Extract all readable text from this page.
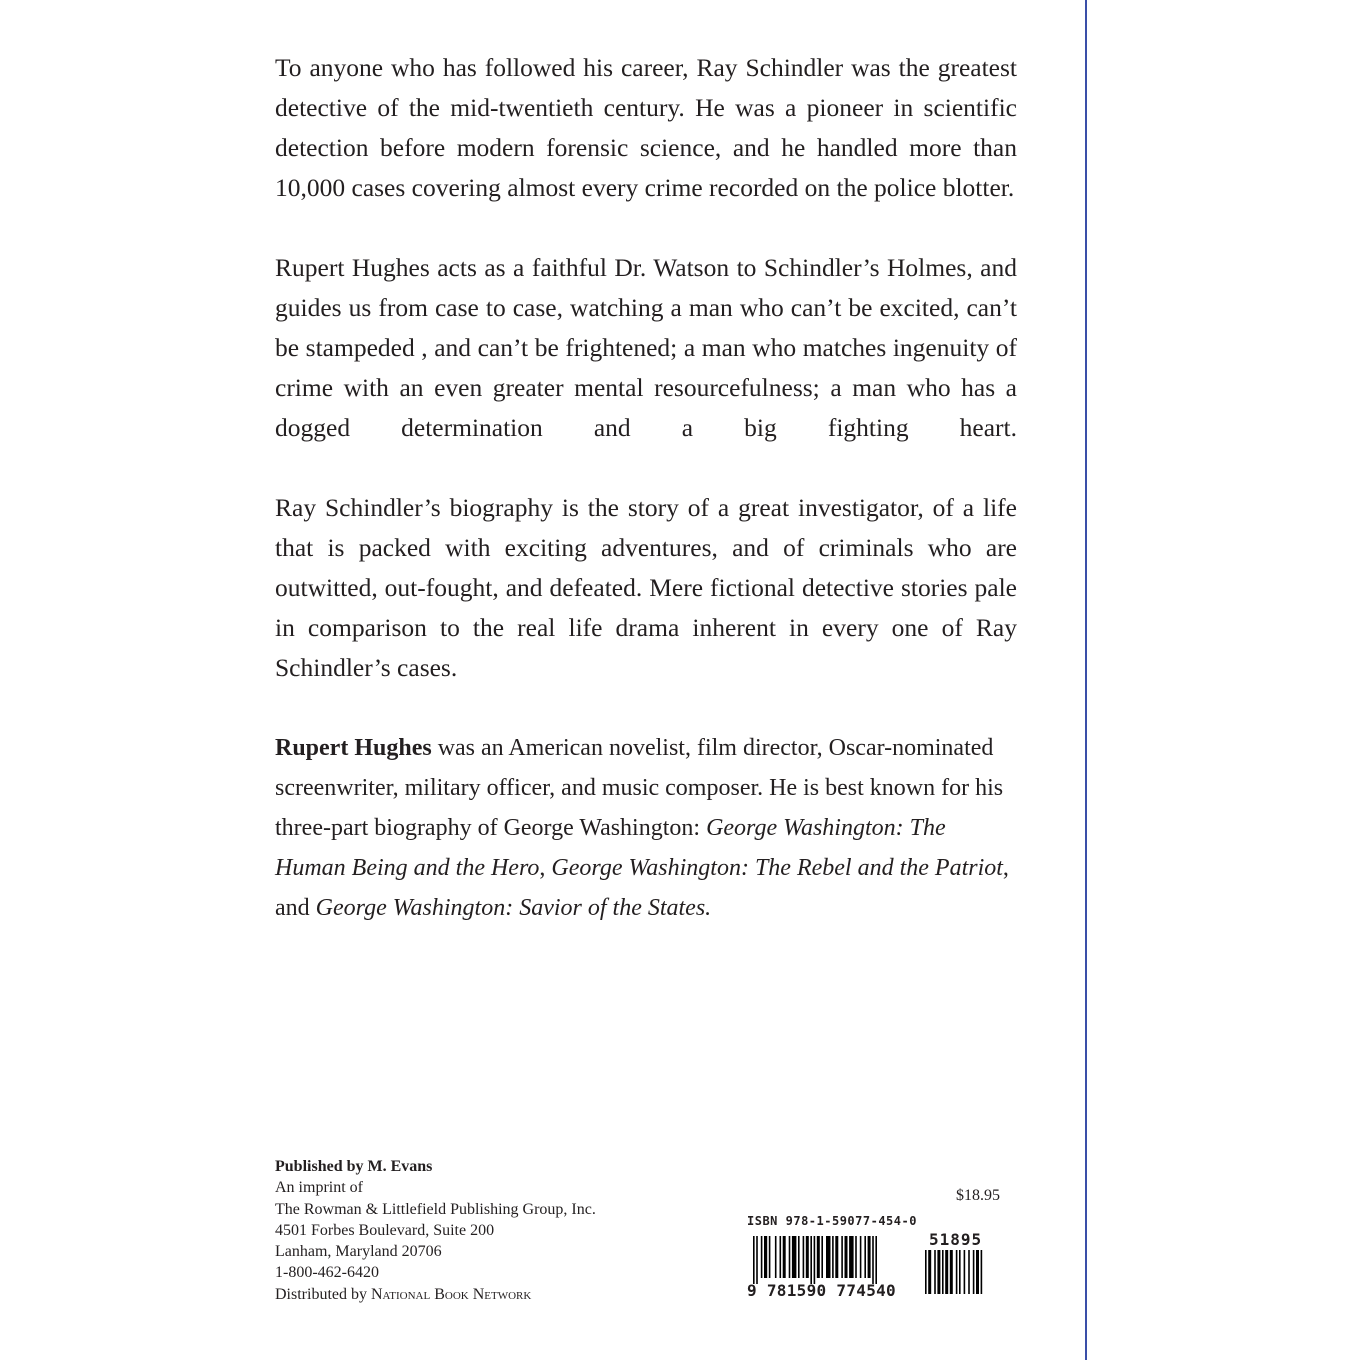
To anyone who has followed his career, Ray Schindler was the greatest detective of the mid-twentieth century. He was a pioneer in scientific detection before modern forensic science, and he handled more than 10,000 cases covering almost every crime recorded on the police blotter.

Rupert Hughes acts as a faithful Dr. Watson to Schindler’s Holmes, and guides us from case to case, watching a man who can’t be excited, can’t be stampeded , and can’t be frightened; a man who matches ingenuity of crime with an even greater mental resourcefulness; a man who has a dogged determination and a big fighting heart.

Ray Schindler’s biography is the story of a great investigator, of a life that is packed with exciting adventures, and of criminals who are outwitted, out-fought, and defeated. Mere fictional detective stories pale in comparison to the real life drama inherent in every one of Ray Schindler’s cases.

Rupert Hughes was an American novelist, film director, Oscar-nominated screenwriter, military officer, and music composer. He is best known for his three-part biography of George Washington: George Washington: The Human Being and the Hero, George Washington: The Rebel and the Patriot, and George Washington: Savior of the States.

Published by M. Evans
An imprint of
The Rowman & Littlefield Publishing Group, Inc.
4501 Forbes Boulevard, Suite 200
Lanham, Maryland 20706
1-800-462-6420
Distributed by National Book Network
$18.95
ISBN 978-1-59077-454-0
51895
9 781590 774540
